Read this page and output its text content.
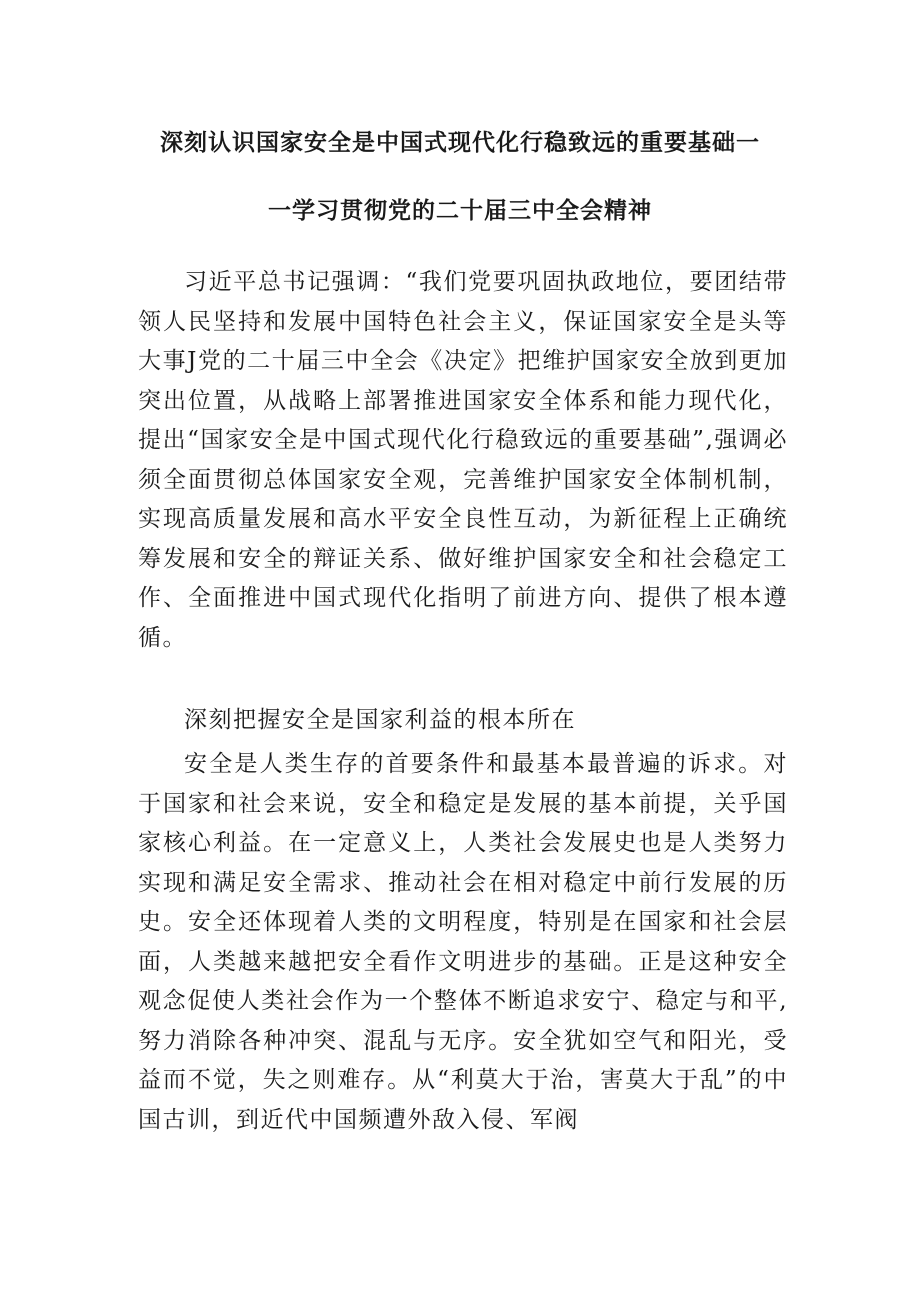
深刻认识国家安全是中国式现代化行稳致远的重要基础一
一学习贯彻党的二十届三中全会精神

习近平总书记强调：“我们党要巩固执政地位，要团结带领人民坚持和发展中国特色社会主义，保证国家安全是头等大事J党的二十届三中全会《决定》把维护国家安全放到更加突出位置，从战略上部署推进国家安全体系和能力现代化，提出“国家安全是中国式现代化行稳致远的重要基础”,强调必须全面贯彻总体国家安全观，完善维护国家安全体制机制，实现高质量发展和高水平安全良性互动，为新征程上正确统筹发展和安全的辩证关系、做好维护国家安全和社会稳定工作、全面推进中国式现代化指明了前进方向、提供了根本遵循。

深刻把握安全是国家利益的根本所在

安全是人类生存的首要条件和最基本最普遍的诉求。对于国家和社会来说，安全和稳定是发展的基本前提，关乎国家核心利益。在一定意义上，人类社会发展史也是人类努力实现和满足安全需求、推动社会在相对稳定中前行发展的历史。安全还体现着人类的文明程度，特别是在国家和社会层面，人类越来越把安全看作文明进步的基础。正是这种安全观念促使人类社会作为一个整体不断追求安宁、稳定与和平,努力消除各种冲突、混乱与无序。安全犹如空气和阳光，受益而不觉，失之则难存。从“利莫大于治，害莫大于乱”的中国古训，到近代中国频遭外敌入侵、军阀
